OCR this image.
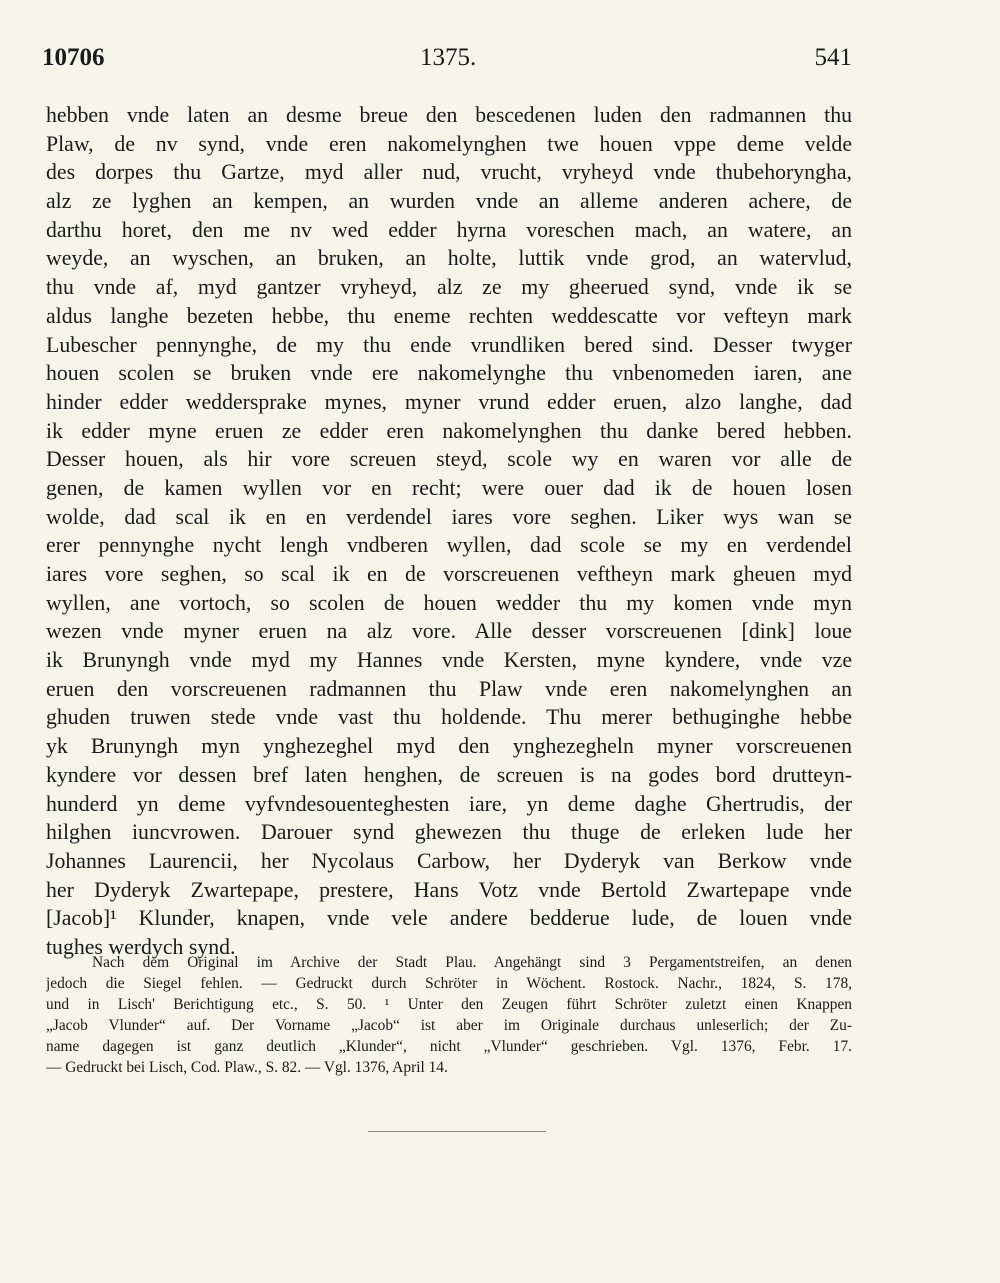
10706	1375.	541
hebben vnde laten an desme breue den bescedenen luden den radmannen thu
Plaw, de nv synd, vnde eren nakomelynghen twe houen vppe deme velde
des dorpes thu Gartze, myd aller nud, vrucht, vryheyd vnde thubehoryngha,
alz ze lyghen an kempen, an wurden vnde an alleme anderen achere, de
darthu horet, den me nv wed edder hyrna voreschen mach, an watere, an
weyde, an wyschen, an bruken, an holte, luttik vnde grod, an watervlud,
thu vnde af, myd gantzer vryheyd, alz ze my gheerued synd, vnde ik se
aldus langhe bezeten hebbe, thu eneme rechten weddescatte vor vefteyn mark
Lubescher pennynghe, de my thu ende vrundliken bered sind. Desser twyger
houen scolen se bruken vnde ere nakomelynghe thu vnbenomeden iaren, ane
hinder edder weddersprake mynes, myner vrund edder eruen, alzo langhe, dad
ik edder myne eruen ze edder eren nakomelynghen thu danke bered hebben.
Desser houen, als hir vore screuen steyd, scole wy en waren vor alle de
genen, de kamen wyllen vor en recht; were ouer dad ik de houen losen
wolde, dad scal ik en en verdendel iares vore seghen. Liker wys wan se
erer pennynghe nycht lengh vndberen wyllen, dad scole se my en verdendel
iares vore seghen, so scal ik en de vorscreuenen veftheyn mark gheuen myd
wyllen, ane vortoch, so scolen de houen wedder thu my komen vnde myn
wezen vnde myner eruen na alz vore. Alle desser vorscreuenen [dink] loue
ik Brunyngh vnde myd my Hannes vnde Kersten, myne kyndere, vnde vze
eruen den vorscreuenen radmannen thu Plaw vnde eren nakomelynghen an
ghuden truwen stede vnde vast thu holdende. Thu merer bethuginghe hebbe
yk Brunyngh myn ynghezeghel myd den ynghezegheln myner vorscreuenen
kyndere vor dessen bref laten henghen, de screuen is na godes bord drutteyn-
hunderd yn deme vyfvndesouenteghesten iare, yn deme daghe Ghertrudis, der
hilghen iuncvrowen. Darouer synd ghewezen thu thuge de erleken lude her
Johannes Laurencii, her Nycolaus Carbow, her Dyderyk van Berkow vnde
her Dyderyk Zwartepape, prestere, Hans Votz vnde Bertold Zwartepape vnde
[Jacob]¹ Klunder, knapen, vnde vele andere bedderue lude, de louen vnde
tughes werdych synd.
Nach dem Original im Archive der Stadt Plau. Angehängt sind 3 Pergamentstreifen, an denen
jedoch die Siegel fehlen. — Gedruckt durch Schröter in Wöchent. Rostock. Nachr., 1824, S. 178,
und in Lisch' Berichtigung etc., S. 50. ¹ Unter den Zeugen führt Schröter zuletzt einen Knappen
„Jacob Vlunder“ auf. Der Vorname „Jacob“ ist aber im Originale durchaus unleserlich; der Zu-
name dagegen ist ganz deutlich „Klunder“, nicht „Vlunder“ geschrieben. Vgl. 1376, Febr. 17.
— Gedruckt bei Lisch, Cod. Plaw., S. 82. — Vgl. 1376, April 14.
